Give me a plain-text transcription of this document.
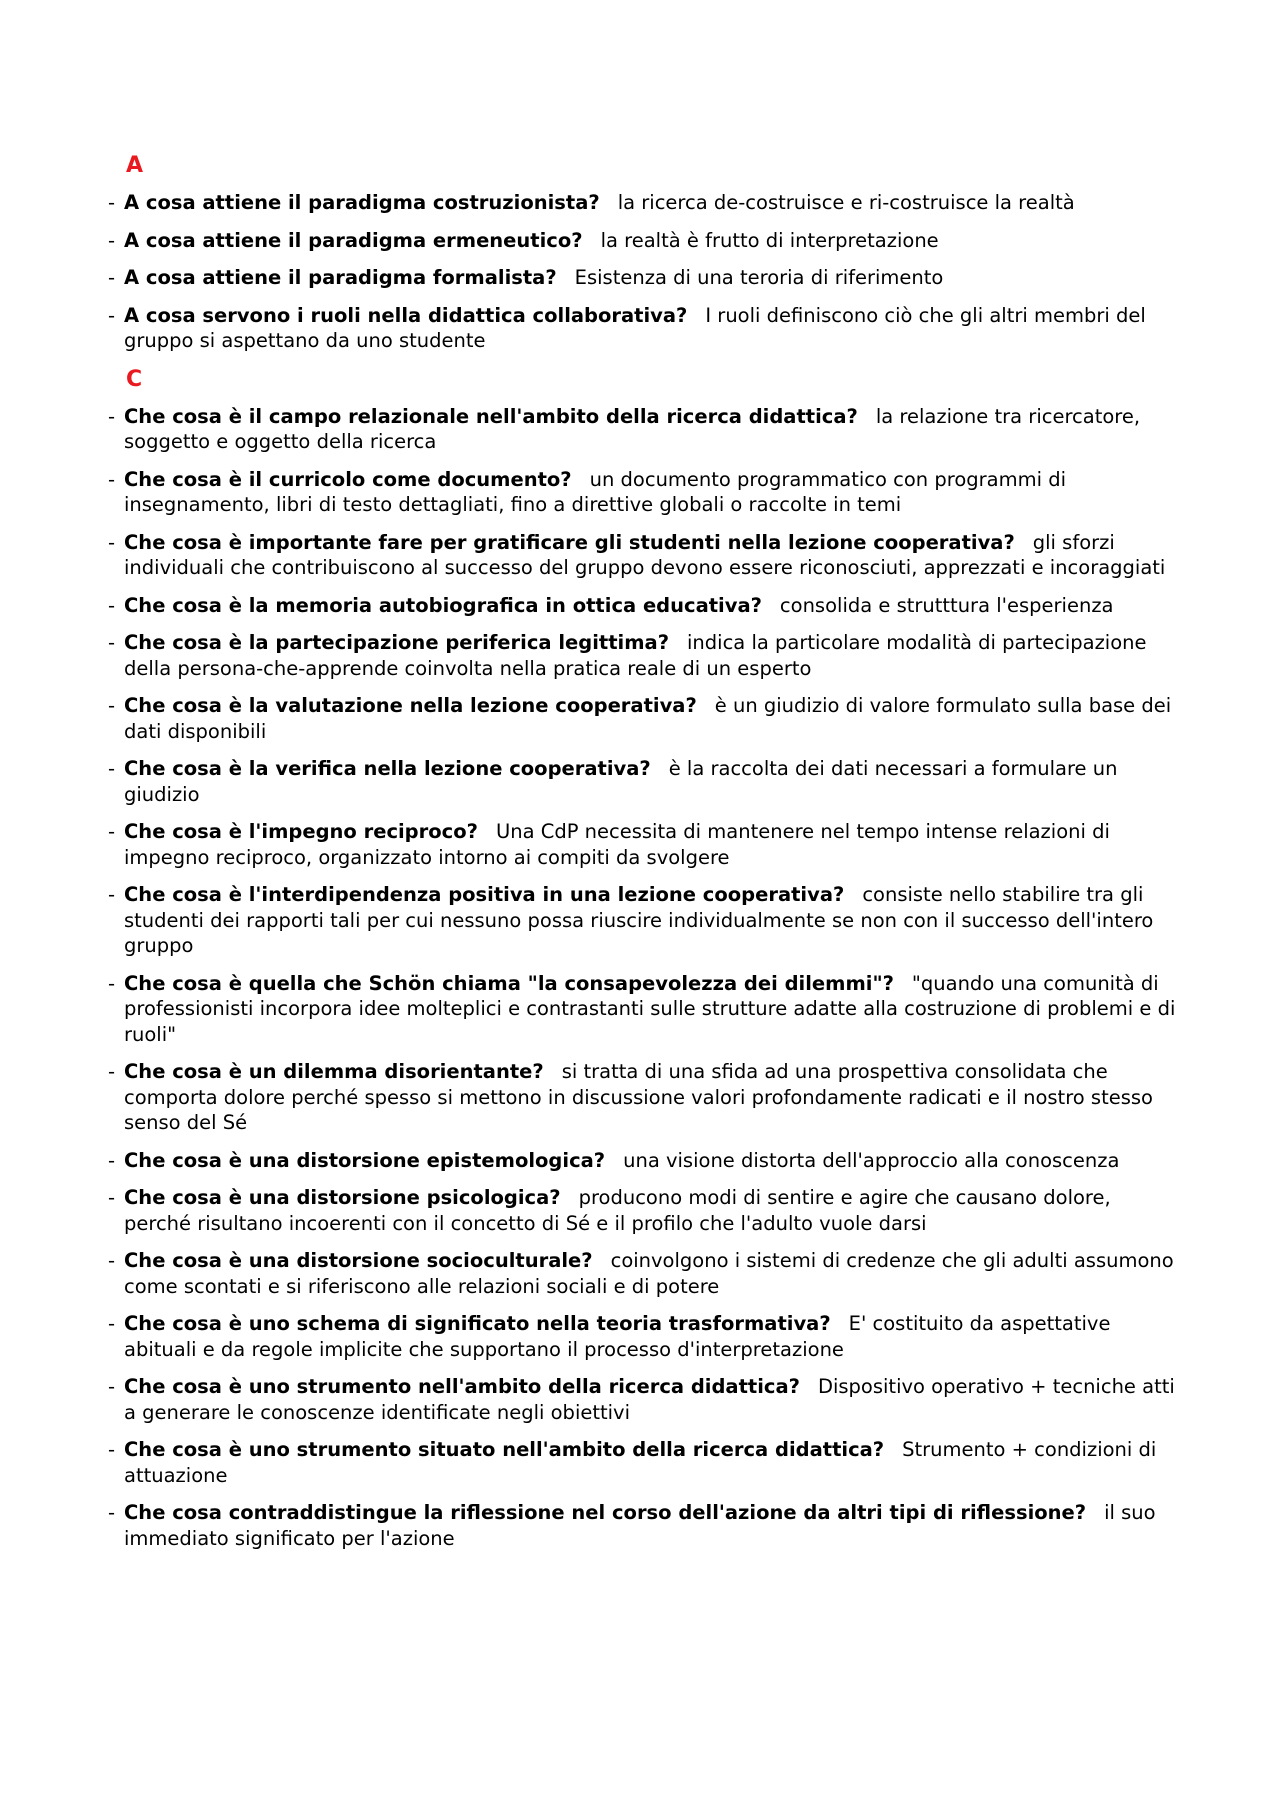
A
- A cosa attiene il paradigma costruzionista? la ricerca de-costruisce e ri-costruisce la realtà
- A cosa attiene il paradigma ermeneutico? la realtà è frutto di interpretazione
- A cosa attiene il paradigma formalista? Esistenza di una teroria di riferimento
- A cosa servono i ruoli nella didattica collaborativa? I ruoli definiscono ciò che gli altri membri del gruppo si aspettano da uno studente
C
- Che cosa è il campo relazionale nell'ambito della ricerca didattica? la relazione tra ricercatore, soggetto e oggetto della ricerca
- Che cosa è il curricolo come documento? un documento programmatico con programmi di insegnamento, libri di testo dettagliati, fino a direttive globali o raccolte in temi
- Che cosa è importante fare per gratificare gli studenti nella lezione cooperativa? gli sforzi individuali che contribuiscono al successo del gruppo devono essere riconosciuti, apprezzati e incoraggiati
- Che cosa è la memoria autobiografica in ottica educativa? consolida e strutttura l'esperienza
- Che cosa è la partecipazione periferica legittima? indica la particolare modalità di partecipazione della persona-che-apprende coinvolta nella pratica reale di un esperto
- Che cosa è la valutazione nella lezione cooperativa? è un giudizio di valore formulato sulla base dei dati disponibili
- Che cosa è la verifica nella lezione cooperativa? è la raccolta dei dati necessari a formulare un giudizio
- Che cosa è l'impegno reciproco? Una CdP necessita di mantenere nel tempo intense relazioni di impegno reciproco, organizzato intorno ai compiti da svolgere
- Che cosa è l'interdipendenza positiva in una lezione cooperativa? consiste nello stabilire tra gli studenti dei rapporti tali per cui nessuno possa riuscire individualmente se non con il successo dell'intero gruppo
- Che cosa è quella che Schön chiama "la consapevolezza dei dilemmi"? "quando una comunità di professionisti incorpora idee molteplici e contrastanti sulle strutture adatte alla costruzione di problemi e di ruoli"
- Che cosa è un dilemma disorientante? si tratta di una sfida ad una prospettiva consolidata che comporta dolore perché spesso si mettono in discussione valori profondamente radicati e il nostro stesso senso del Sé
- Che cosa è una distorsione epistemologica? una visione distorta dell'approccio alla conoscenza
- Che cosa è una distorsione psicologica? producono modi di sentire e agire che causano dolore, perché risultano incoerenti con il concetto di Sé e il profilo che l'adulto vuole darsi
- Che cosa è una distorsione socioculturale? coinvolgono i sistemi di credenze che gli adulti assumono come scontati e si riferiscono alle relazioni sociali e di potere
- Che cosa è uno schema di significato nella teoria trasformativa? E' costituito da aspettative abituali e da regole implicite che supportano il processo d'interpretazione
- Che cosa è uno strumento nell'ambito della ricerca didattica? Dispositivo operativo + tecniche atti a generare le conoscenze identificate negli obiettivi
- Che cosa è uno strumento situato nell'ambito della ricerca didattica? Strumento + condizioni di attuazione
- Che cosa contraddistingue la riflessione nel corso dell'azione da altri tipi di riflessione? il suo immediato significato per l'azione
